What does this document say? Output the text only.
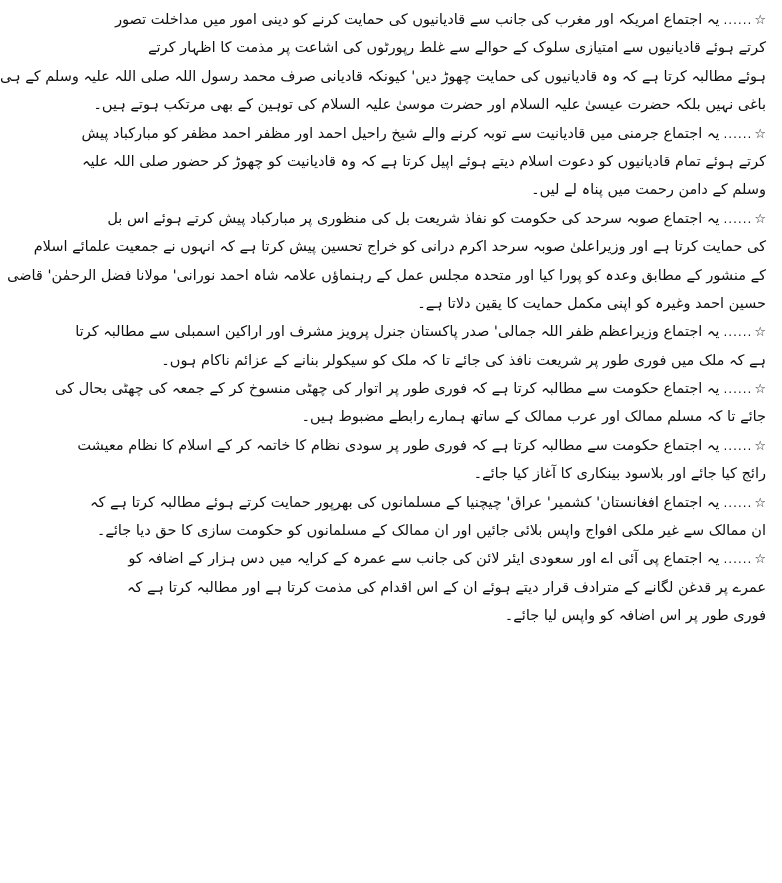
☆......یہ اجتماع امریکہ اور مغرب کی جانب سے قادیانیوں کی حمایت کرنے کو دینی امور میں مداخلت تصور
کرتے ہوئے قادیانیوں سے امتیازی سلوک کے حوالے سے غلط رپورٹوں کی اشاعت پر مذمت کا اظہار کرتے
ہوئے مطالبہ کرتا ہے کہ وہ قادیانیوں کی حمایت چھوڑ دیں' کیونکہ قادیانی صرف محمد رسول اللہ صلی اللہ علیہ وسلم کے ہی
باغی نہیں بلکہ حضرت عیسیٰ علیہ السلام اور حضرت موسیٰ علیہ السلام کی توہین کے بھی مرتکب ہوتے ہیں۔
☆......یہ اجتماع جرمنی میں قادیانیت سے توبہ کرنے والے شیخ راحیل احمد اور مظفر احمد مظفر کو مبارکباد پیش
کرتے ہوئے تمام قادیانیوں کو دعوت اسلام دیتے ہوئے اپیل کرتا ہے کہ وہ قادیانیت کو چھوڑ کر حضور صلی اللہ علیہ
وسلم کے دامن رحمت میں پناہ لے لیں۔
☆......یہ اجتماع صوبہ سرحد کی حکومت کو نفاذ شریعت بل کی منظوری پر مبارکباد پیش کرتے ہوئے اس بل
کی حمایت کرتا ہے اور وزیراعلیٰ صوبہ سرحد اکرم درانی کو خراج تحسین پیش کرتا ہے کہ انہوں نے جمعیت علمائے اسلام
کے منشور کے مطابق وعدہ کو پورا کیا اور متحدہ مجلس عمل کے رہنماؤں علامہ شاہ احمد نورانی' مولانا فضل الرحمٰن' قاضی
حسین احمد وغیرہ کو اپنی مکمل حمایت کا یقین دلاتا ہے۔
☆......یہ اجتماع وزیراعظم ظفر اللہ جمالی' صدر پاکستان جنرل پرویز مشرف اور اراکین اسمبلی سے مطالبہ کرتا
ہے کہ ملک میں فوری طور پر شریعت نافذ کی جائے تا کہ ملک کو سیکولر بنانے کے عزائم ناکام ہوں۔
☆......یہ اجتماع حکومت سے مطالبہ کرتا ہے کہ فوری طور پر اتوار کی چھٹی منسوخ کر کے جمعہ کی چھٹی بحال کی
جائے تا کہ مسلم ممالک اور عرب ممالک کے ساتھ ہمارے رابطے مضبوط ہیں۔
☆......یہ اجتماع حکومت سے مطالبہ کرتا ہے کہ فوری طور پر سودی نظام کا خاتمہ کر کے اسلام کا نظام معیشت
رائج کیا جائے اور بلاسود بینکاری کا آغاز کیا جائے۔
☆......یہ اجتماع افغانستان' کشمیر' عراق' چیچنیا کے مسلمانوں کی بھرپور حمایت کرتے ہوئے مطالبہ کرتا ہے کہ
ان ممالک سے غیر ملکی افواج واپس بلائی جائیں اور ان ممالک کے مسلمانوں کو حکومت سازی کا حق دیا جائے۔
☆......یہ اجتماع پی آئی اے اور سعودی ایئر لائن کی جانب سے عمرہ کے کرایہ میں دس ہزار کے اضافہ کو
عمرے پر قدغن لگانے کے مترادف قرار دیتے ہوئے ان کے اس اقدام کی مذمت کرتا ہے اور مطالبہ کرتا ہے کہ
فوری طور پر اس اضافہ کو واپس لیا جائے۔
